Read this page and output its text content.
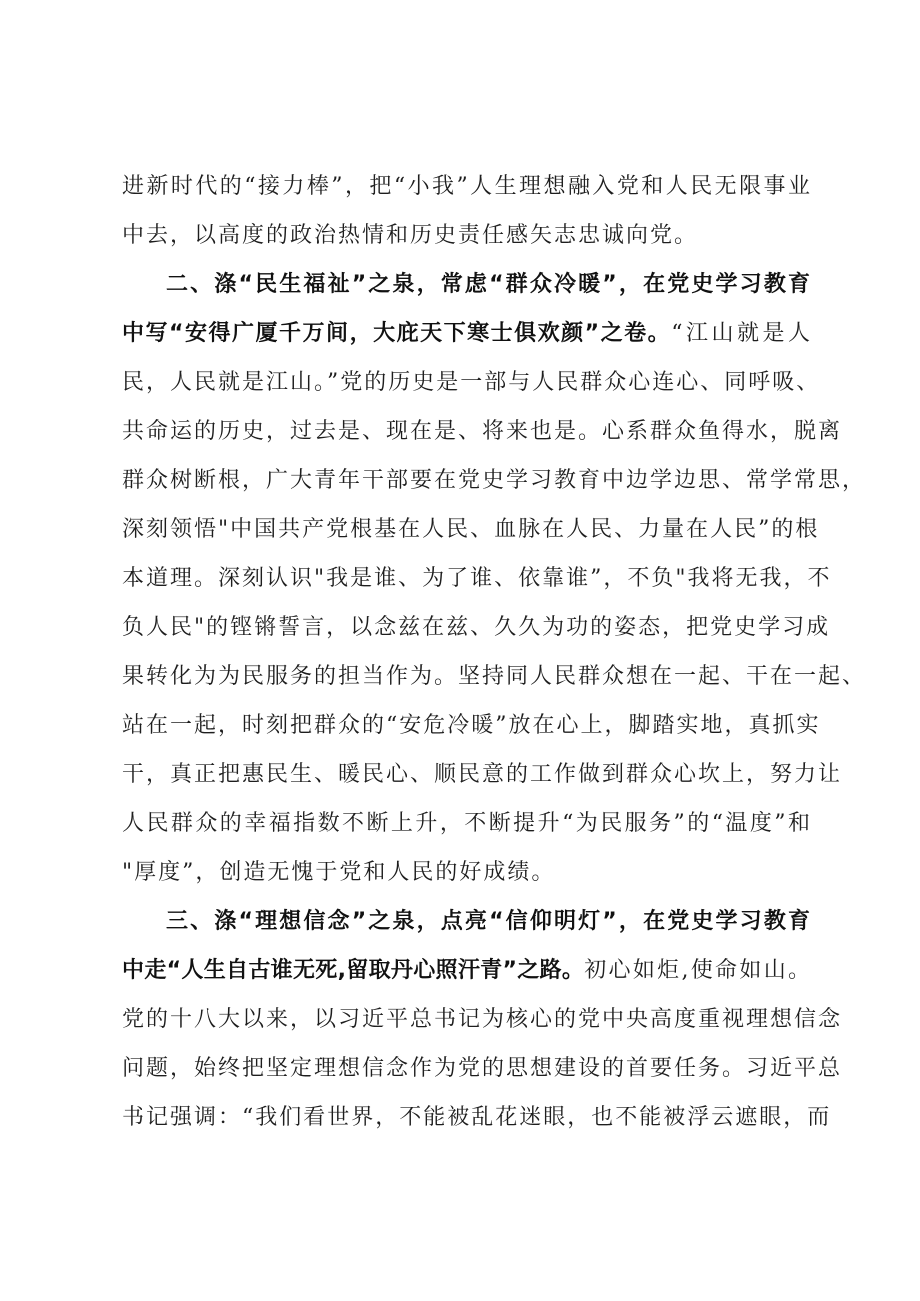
进新时代的“接力棒”，把“小我”人生理想融入党和人民无限事业
中去，以高度的政治热情和历史责任感矢志忠诚向党。
二、涤“民生福祉”之泉，常虑“群众冷暖”，在党史学习教育
中写“安得广厦千万间，大庇天下寒士俱欢颜”之卷。“江山就是人
民，人民就是江山。”党的历史是一部与人民群众心连心、同呼吸、
共命运的历史，过去是、现在是、将来也是。心系群众鱼得水，脱离
群众树断根，广大青年干部要在党史学习教育中边学边思、常学常思，
深刻领悟"中国共产党根基在人民、血脉在人民、力量在人民”的根
本道理。深刻认识"我是谁、为了谁、依靠谁”，不负"我将无我，不
负人民"的铿锵誓言，以念兹在兹、久久为功的姿态，把党史学习成
果转化为为民服务的担当作为。坚持同人民群众想在一起、干在一起、
站在一起，时刻把群众的“安危冷暖”放在心上，脚踏实地，真抓实
干，真正把惠民生、暖民心、顺民意的工作做到群众心坎上，努力让
人民群众的幸福指数不断上升，不断提升“为民服务”的“温度”和
"厚度”，创造无愧于党和人民的好成绩。
三、涤“理想信念”之泉，点亮“信仰明灯”，在党史学习教育
中走“人生自古谁无死,留取丹心照汗青”之路。初心如炬,使命如山。
党的十八大以来，以习近平总书记为核心的党中央高度重视理想信念
问题，始终把坚定理想信念作为党的思想建设的首要任务。习近平总
书记强调：“我们看世界，不能被乱花迷眼，也不能被浮云遮眼，而
